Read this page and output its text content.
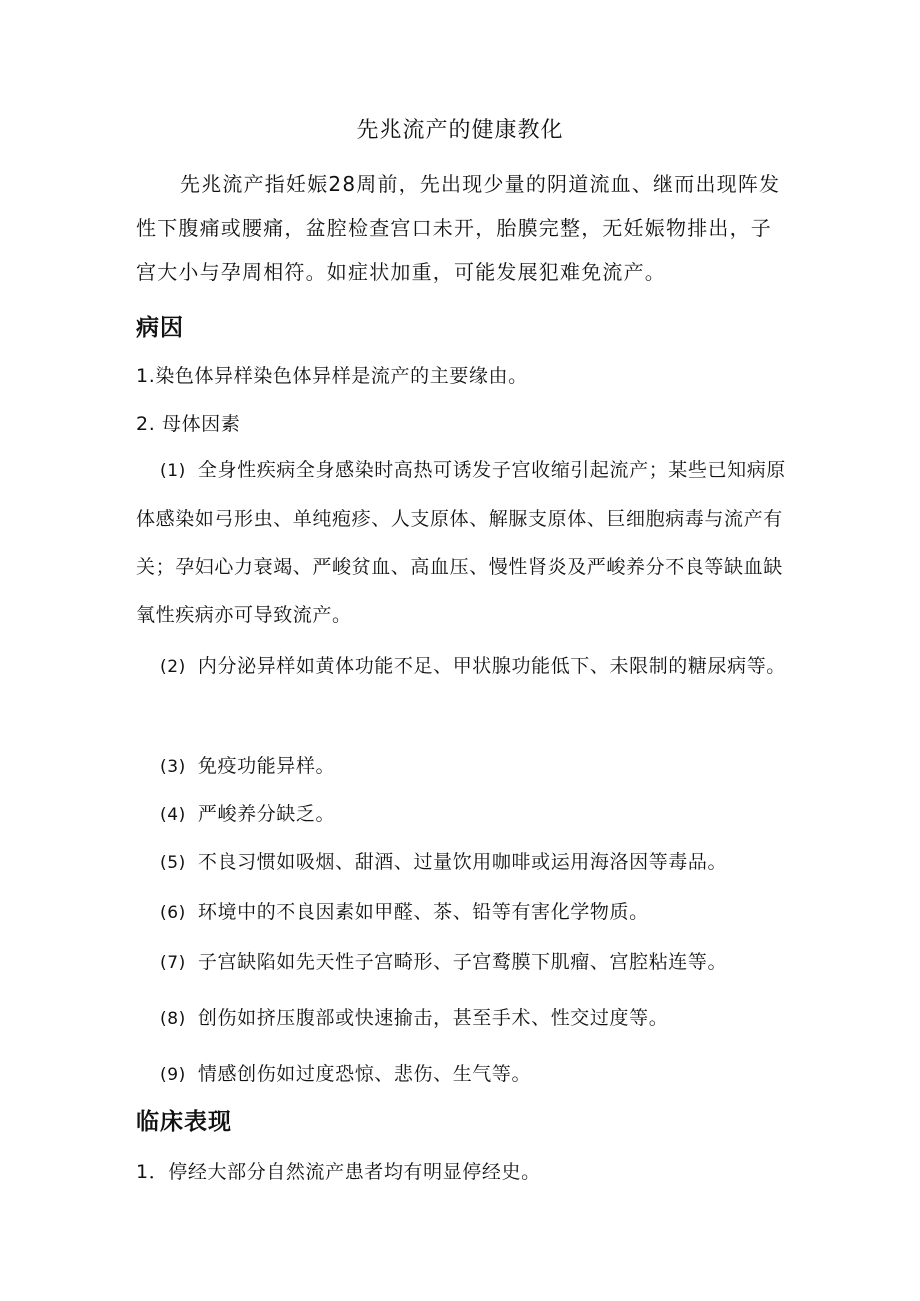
先兆流产的健康教化

先兆流产指妊娠28周前，先出现少量的阴道流血、继而出现阵发性下腹痛或腰痛，盆腔检查宫口未开，胎膜完整，无妊娠物排出，子宫大小与孕周相符。如症状加重，可能发展犯难免流产。

病因

1.染色体异样染色体异样是流产的主要缘由。

2. 母体因素

(1) 全身性疾病全身感染时高热可诱发子宫收缩引起流产；某些已知病原体感染如弓形虫、单纯疱疹、人支原体、解脲支原体、巨细胞病毒与流产有关；孕妇心力衰竭、严峻贫血、高血压、慢性肾炎及严峻养分不良等缺血缺氧性疾病亦可导致流产。

(2) 内分泌异样如黄体功能不足、甲状腺功能低下、未限制的糖尿病等。

(3) 免疫功能异样。

(4) 严峻养分缺乏。

(5) 不良习惯如吸烟、甜酒、过量饮用咖啡或运用海洛因等毒品。

(6) 环境中的不良因素如甲醛、茶、铅等有害化学物质。

(7) 子宫缺陷如先天性子宫畸形、子宫鹜膜下肌瘤、宫腔粘连等。

(8) 创伤如挤压腹部或快速揄击，甚至手术、性交过度等。

(9) 情感创伤如过度恐惊、悲伤、生气等。

临床表现

1．停经大部分自然流产患者均有明显停经史。
